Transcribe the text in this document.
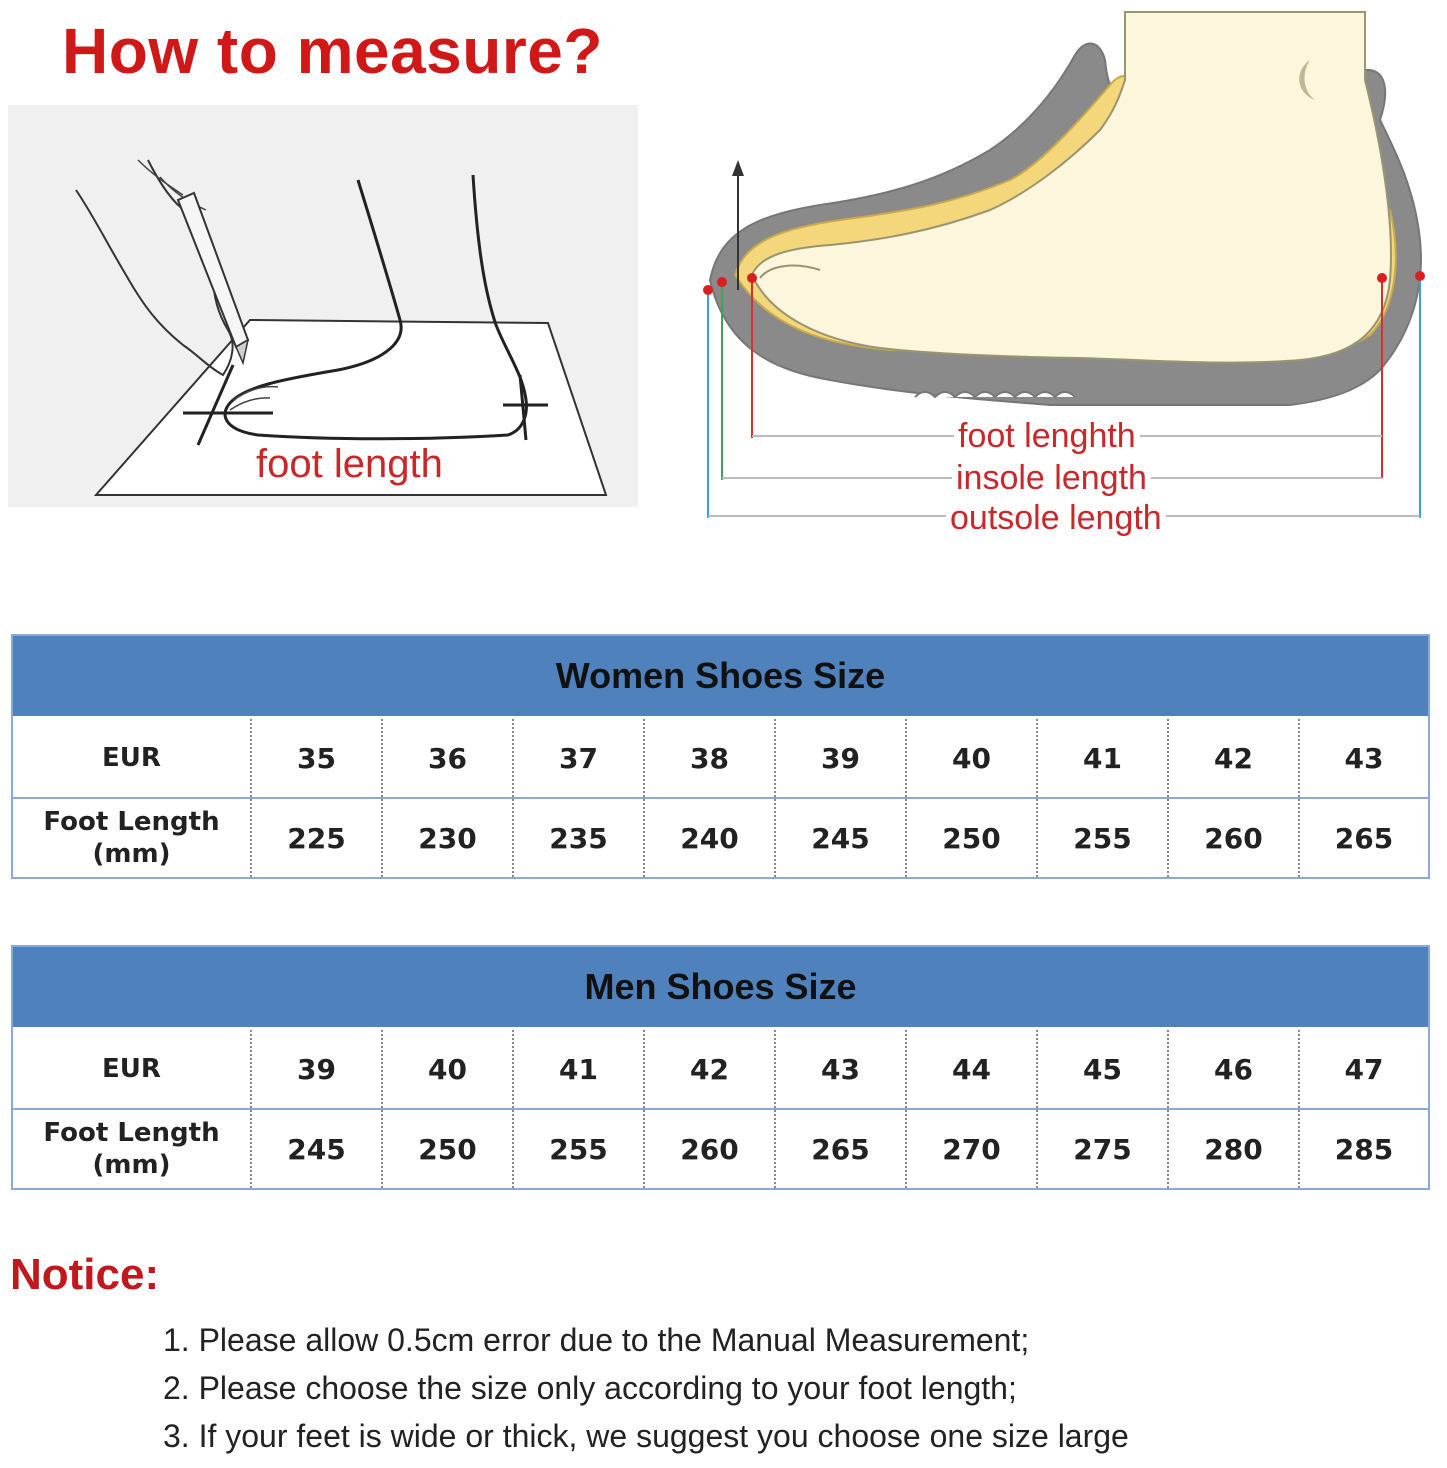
How to measure?
foot length
foot lenghth
insole length
outsole length
Women Shoes Size
EUR	35	36	37	38	39	40	41	42	43
Foot Length (mm)	225	230	235	240	245	250	255	260	265
Men Shoes Size
EUR	39	40	41	42	43	44	45	46	47
Foot Length (mm)	245	250	255	260	265	270	275	280	285
Notice:
1. Please allow 0.5cm error due to the Manual Measurement;
2. Please choose the size only according to your foot length;
3. If your feet is wide or thick, we suggest you choose one size large
